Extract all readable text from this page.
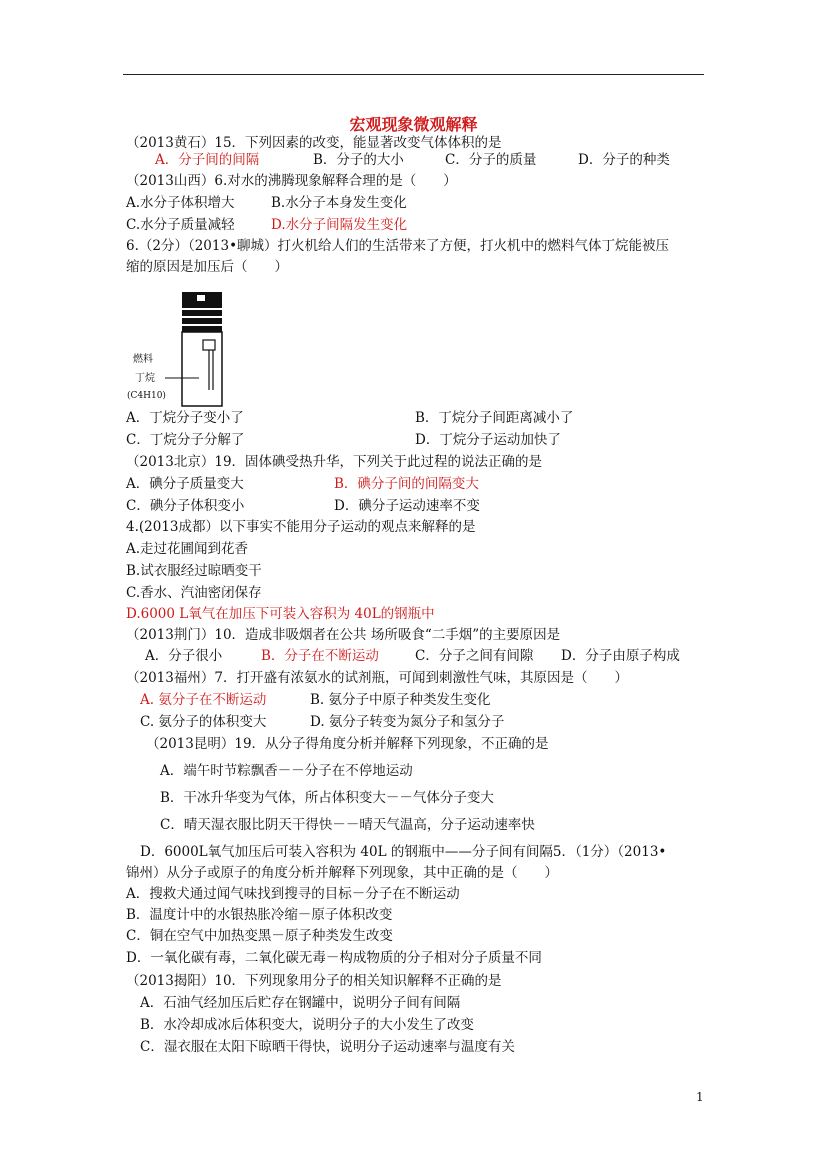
宏观现象微观解释
（2013黄石）15．下列因素的改变，能显著改变气体体积的是
A．分子间的间隔	B．分子的大小	C．分子的质量	D．分子的种类
（2013山西）6.对水的沸腾现象解释合理的是（　　）
A.水分子体积增大	B.水分子本身发生变化
C.水分子质量减轻	D.水分子间隔发生变化
6.（2分）（2013•聊城）打火机给人们的生活带来了方便，打火机中的燃料气体丁烷能被压
缩的原因是加压后（　　）
A．丁烷分子变小了	B．丁烷分子间距离减小了
C．丁烷分子分解了	D．丁烷分子运动加快了
（2013北京）19．固体碘受热升华，下列关于此过程的说法正确的是
A．碘分子质量变大	B．碘分子间的间隔变大
C．碘分子体积变小	D．碘分子运动速率不变
4.(2013成都）以下事实不能用分子运动的观点来解释的是
A.走过花圃闻到花香
B.试衣服经过晾晒变干
C.香水、汽油密闭保存
D.6000 L氧气在加压下可装入容积为 40L的钢瓶中
（2013荆门）10．造成非吸烟者在公共 场所吸食“二手烟”的主要原因是
A．分子很小	B．分子在不断运动	C．分子之间有间隙 D．分子由原子构成
（2013福州）7．打开盛有浓氨水的试剂瓶，可闻到刺激性气味，其原因是（　　）
A. 氨分子在不断运动	B. 氨分子中原子种类发生变化
C. 氨分子的体积变大	D. 氨分子转变为氮分子和氢分子
（2013昆明）19．从分子得角度分析并解释下列现象，不正确的是
A．端午时节粽飘香－－分子在不停地运动
B．干冰升华变为气体，所占体积变大－－气体分子变大
C．晴天湿衣服比阴天干得快－－晴天气温高，分子运动速率快
D．6000L氧气加压后可装入容积为 40L 的钢瓶中——分子间有间隔5．（1分）（2013•
锦州）从分子或原子的角度分析并解释下列现象，其中正确的是（　　）
A．搜救犬通过闻气味找到搜寻的目标－分子在不断运动
B．温度计中的水银热胀冷缩－原子体积改变
C．铜在空气中加热变黑－原子种类发生改变
D．一氧化碳有毒，二氧化碳无毒－构成物质的分子相对分子质量不同
（2013揭阳）10．下列现象用分子的相关知识解释不正确的是
A．石油气经加压后贮存在钢罐中，说明分子间有间隔
B．水冷却成冰后体积变大，说明分子的大小发生了改变
C．湿衣服在太阳下晾晒干得快，说明分子运动速率与温度有关
燃料
丁烷
(C4H10)
1
